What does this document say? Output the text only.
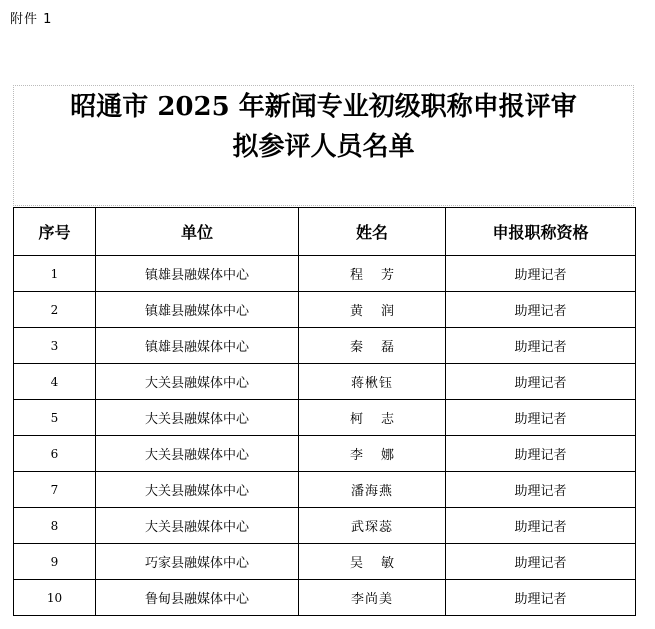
附件 1
昭通市 2025 年新闻专业初级职称申报评审
拟参评人员名单
序号	单位	姓名	申报职称资格
1	镇雄县融媒体中心	程芳	助理记者
2	镇雄县融媒体中心	黄润	助理记者
3	镇雄县融媒体中心	秦磊	助理记者
4	大关县融媒体中心	蒋楸钰	助理记者
5	大关县融媒体中心	柯志	助理记者
6	大关县融媒体中心	李娜	助理记者
7	大关县融媒体中心	潘海燕	助理记者
8	大关县融媒体中心	武琛蕊	助理记者
9	巧家县融媒体中心	吴敏	助理记者
10	鲁甸县融媒体中心	李尚美	助理记者
